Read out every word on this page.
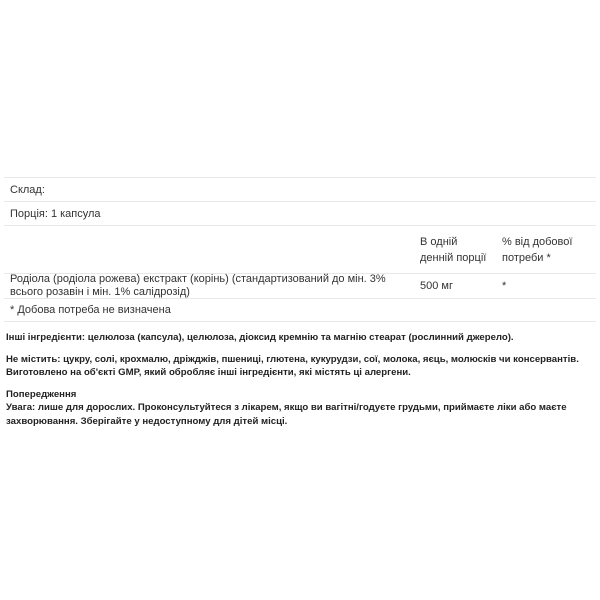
Склад:
Порція: 1 капсула
В одній
денній порції
% від добової
потреби *
Родіола (родіола рожева) екстракт (корінь) (стандартизований до мін. 3%
всього розавін і мін. 1% салідрозід)
500 мг	*
* Добова потреба не визначена

Інші інгредієнти: целюлоза (капсула), целюлоза, діоксид кремнію та магнію стеарат (рослинний джерело).

Не містить: цукру, солі, крохмалю, дріжджів, пшениці, глютена, кукурудзи, сої, молока, яєць, молюсків чи консервантів.
Виготовлено на об'єкті GMP, який обробляє інші інгредієнти, які містять ці алергени.

Попередження
Увага: лише для дорослих. Проконсультуйтеся з лікарем, якщо ви вагітні/годуєте грудьми, приймаєте ліки або маєте захворювання. Зберігайте у недоступному для дітей місці.
